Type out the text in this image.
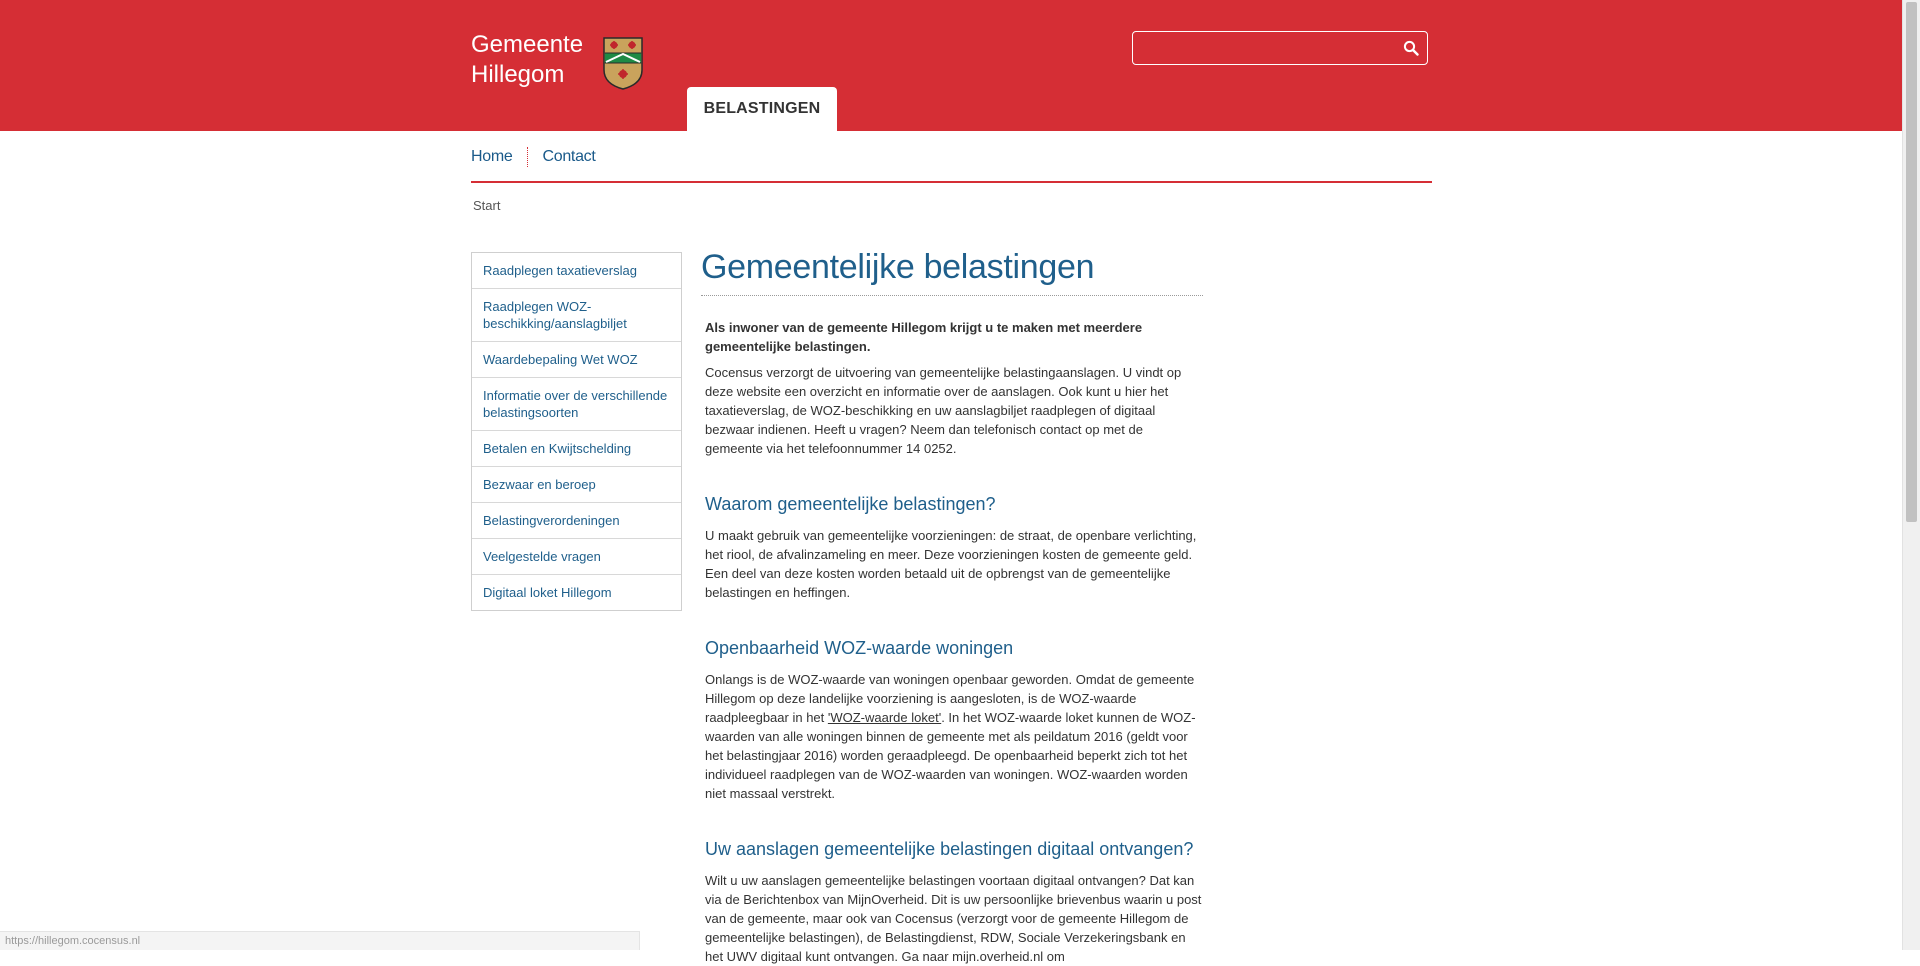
Gemeente
Hillegom
BELASTINGEN
Home Contact
Start
Raadplegen taxatieverslag
Raadplegen WOZ-beschikking/aanslagbiljet
Waardebepaling Wet WOZ
Informatie over de verschillende belastingsoorten
Betalen en Kwijtschelding
Bezwaar en beroep
Belastingverordeningen
Veelgestelde vragen
Digitaal loket Hillegom
Gemeentelijke belastingen

Als inwoner van de gemeente Hillegom krijgt u te maken met meerdere gemeentelijke belastingen.

Cocensus verzorgt de uitvoering van gemeentelijke belastingaanslagen. U vindt op deze website een overzicht en informatie over de aanslagen. Ook kunt u hier het taxatieverslag, de WOZ-beschikking en uw aanslagbiljet raadplegen of digitaal bezwaar indienen. Heeft u vragen? Neem dan telefonisch contact op met de gemeente via het telefoonnummer 14 0252.

Waarom gemeentelijke belastingen?

U maakt gebruik van gemeentelijke voorzieningen: de straat, de openbare verlichting, het riool, de afvalinzameling en meer. Deze voorzieningen kosten de gemeente geld. Een deel van deze kosten worden betaald uit de opbrengst van de gemeentelijke belastingen en heffingen.

Openbaarheid WOZ-waarde woningen

Onlangs is de WOZ-waarde van woningen openbaar geworden. Omdat de gemeente Hillegom op deze landelijke voorziening is aangesloten, is de WOZ-waarde raadpleegbaar in het 'WOZ-waarde loket'. In het WOZ-waarde loket kunnen de WOZ-waarden van alle woningen binnen de gemeente met als peildatum 2016 (geldt voor het belastingjaar 2016) worden geraadpleegd. De openbaarheid beperkt zich tot het individueel raadplegen van de WOZ-waarden van woningen. WOZ-waarden worden niet massaal verstrekt.

Uw aanslagen gemeentelijke belastingen digitaal ontvangen?

Wilt u uw aanslagen gemeentelijke belastingen voortaan digitaal ontvangen? Dat kan via de Berichtenbox van MijnOverheid. Dit is uw persoonlijke brievenbus waarin u post van de gemeente, maar ook van Cocensus (verzorgt voor de gemeente Hillegom de gemeentelijke belastingen), de Belastingdienst, RDW, Sociale Verzekeringsbank en het UWV digitaal kunt ontvangen. Ga naar mijn.overheid.nl om

https://hillegom.cocensus.nl
